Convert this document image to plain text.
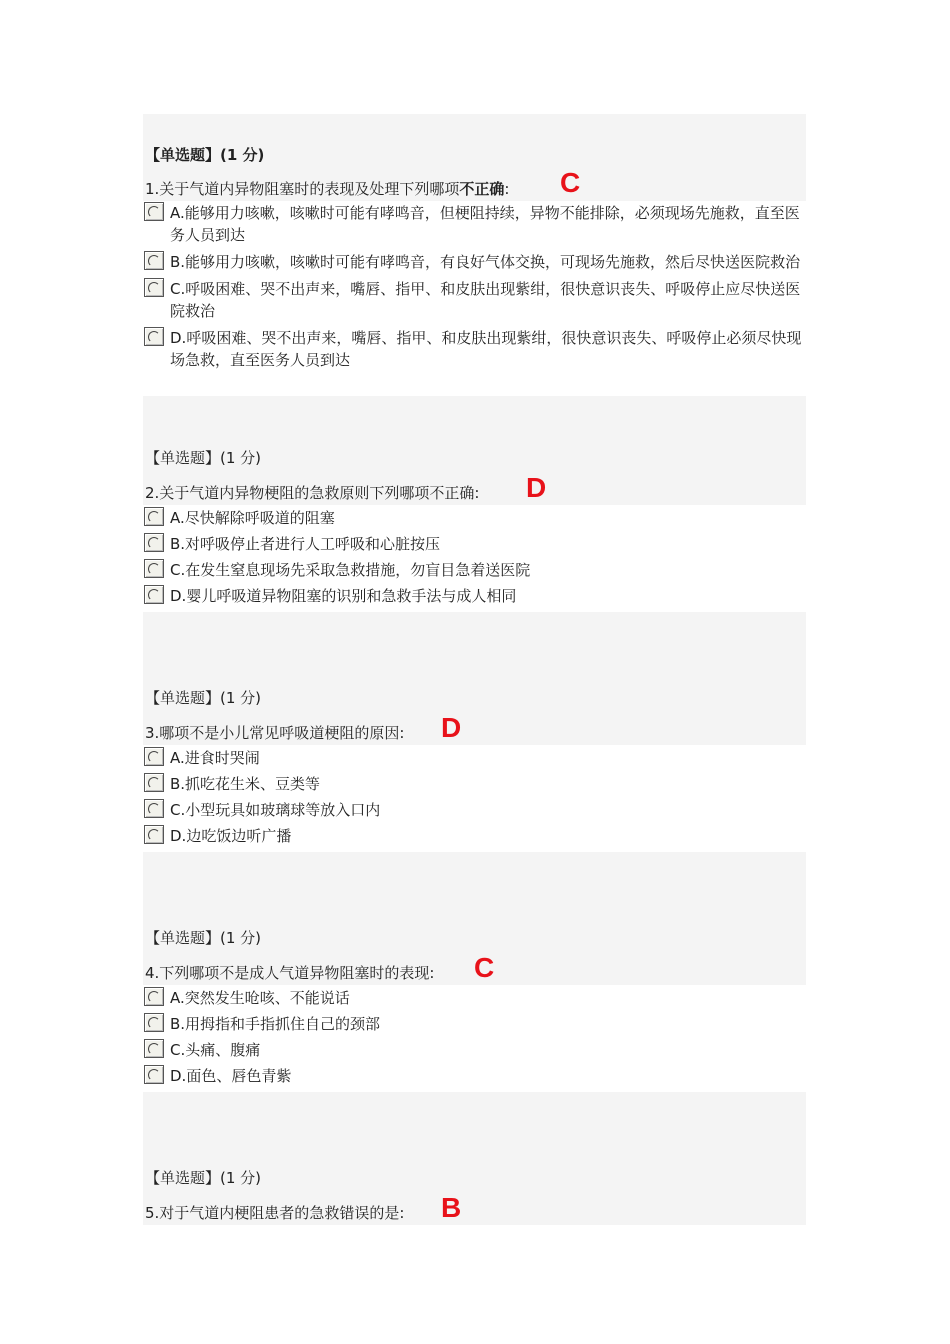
【单选题】(1 分)
1.关于气道内异物阻塞时的表现及处理下列哪项不正确: C
A.能够用力咳嗽，咳嗽时可能有哮鸣音，但梗阻持续，异物不能排除，必须现场先施救，直至医务人员到达
B.能够用力咳嗽，咳嗽时可能有哮鸣音，有良好气体交换，可现场先施救，然后尽快送医院救治
C.呼吸困难、哭不出声来，嘴唇、指甲、和皮肤出现紫绀，很快意识丧失、呼吸停止应尽快送医院救治
D.呼吸困难、哭不出声来，嘴唇、指甲、和皮肤出现紫绀，很快意识丧失、呼吸停止必须尽快现场急救，直至医务人员到达
【单选题】(1 分)
2.关于气道内异物梗阻的急救原则下列哪项不正确: D
A.尽快解除呼吸道的阻塞
B.对呼吸停止者进行人工呼吸和心脏按压
C.在发生窒息现场先采取急救措施，勿盲目急着送医院
D.婴儿呼吸道异物阻塞的识别和急救手法与成人相同
【单选题】(1 分)
3.哪项不是小儿常见呼吸道梗阻的原因: D
A.进食时哭闹
B.抓吃花生米、豆类等
C.小型玩具如玻璃球等放入口内
D.边吃饭边听广播
【单选题】(1 分)
4.下列哪项不是成人气道异物阻塞时的表现: C
A.突然发生呛咳、不能说话
B.用拇指和手指抓住自己的颈部
C.头痛、腹痛
D.面色、唇色青紫
【单选题】(1 分)
5.对于气道内梗阻患者的急救错误的是: B
